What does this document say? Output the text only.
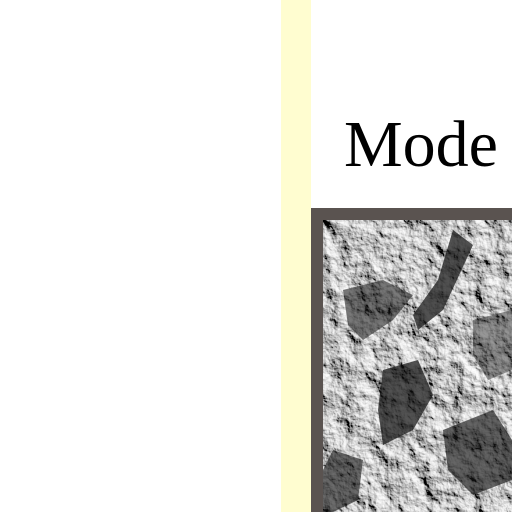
Mode
